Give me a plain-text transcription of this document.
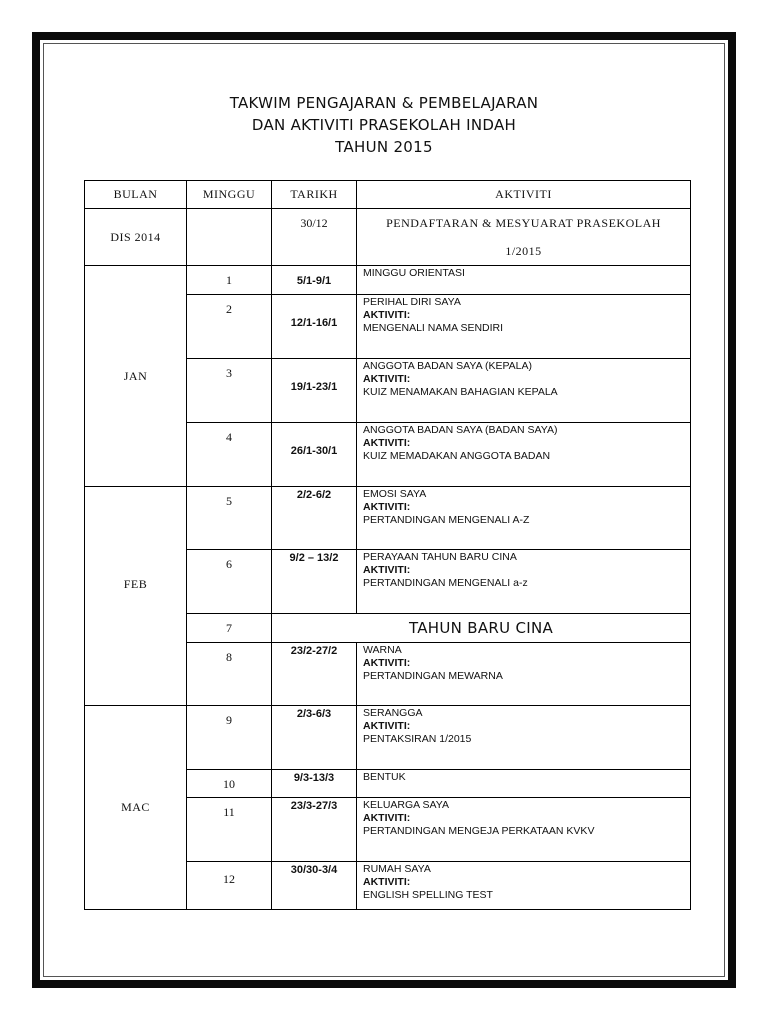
TAKWIM PENGAJARAN & PEMBELAJARAN
DAN AKTIVITI PRASEKOLAH INDAH
TAHUN 2015
BULAN	MINGGU	TARIKH	AKTIVITI
DIS 2014		30/12	PENDAFTARAN & MESYUARAT PRASEKOLAH
1/2015

JAN	1	5/1-9/1	MINGGU ORIENTASI

	2	12/1-16/1	PERIHAL DIRI SAYA
AKTIVITI:
MENGENALI NAMA SENDIRI

	3	19/1-23/1	ANGGOTA BADAN SAYA (KEPALA)
AKTIVITI:
KUIZ MENAMAKAN BAHAGIAN KEPALA

	4	26/1-30/1	ANGGOTA BADAN SAYA (BADAN SAYA)
AKTIVITI:
KUIZ MEMADAKAN ANGGOTA BADAN

FEB	5	2/2-6/2	EMOSI SAYA
AKTIVITI:
PERTANDINGAN MENGENALI A-Z

	6	9/2 – 13/2	PERAYAAN TAHUN BARU CINA
AKTIVITI:
PERTANDINGAN MENGENALI a-z

	7	TAHUN BARU CINA	

	8	23/2-27/2	WARNA
AKTIVITI:
PERTANDINGAN MEWARNA

MAC	9	2/3-6/3	SERANGGA
AKTIVITI:
PENTAKSIRAN 1/2015

	10	9/3-13/3	BENTUK

	11	23/3-27/3	KELUARGA SAYA
AKTIVITI:
PERTANDINGAN MENGEJA PERKATAAN KVKV

	12	30/30-3/4	RUMAH SAYA
AKTIVITI:
ENGLISH SPELLING TEST
